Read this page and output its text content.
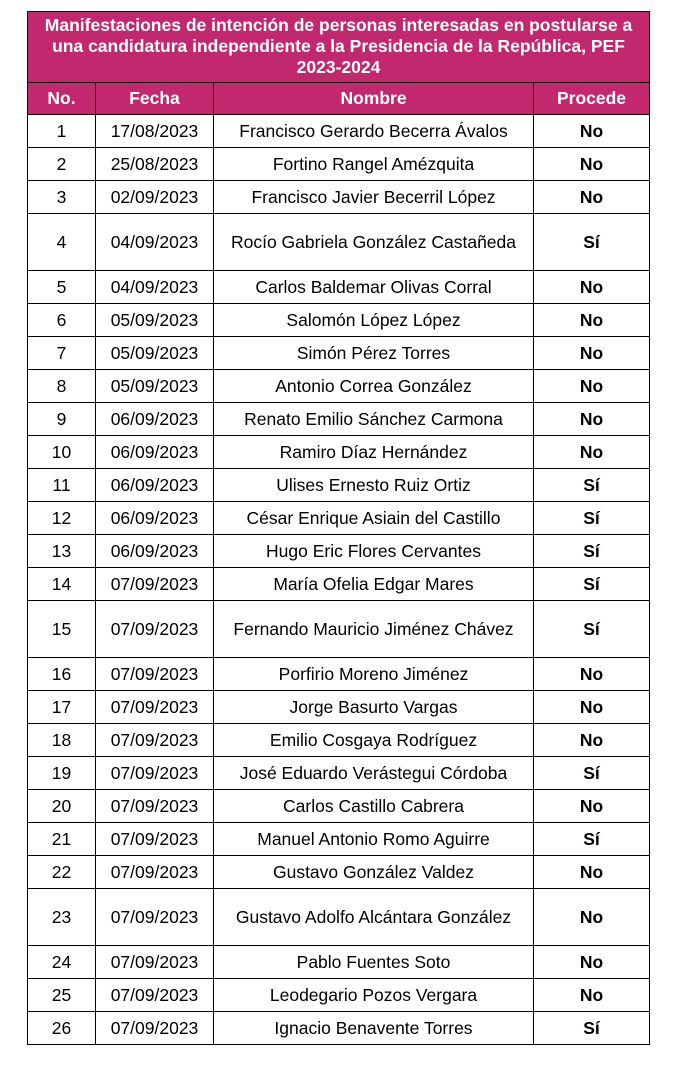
Manifestaciones de intención de personas interesadas en postularse a una candidatura independiente a la Presidencia de la República, PEF 2023-2024			
No.	Fecha	Nombre	Procede
1	17/08/2023	Francisco Gerardo Becerra Ávalos	No
2	25/08/2023	Fortino Rangel Amézquita	No
3	02/09/2023	Francisco Javier Becerril López	No
4	04/09/2023	Rocío Gabriela González Castañeda	Sí
5	04/09/2023	Carlos Baldemar Olivas Corral	No
6	05/09/2023	Salomón López López	No
7	05/09/2023	Simón Pérez Torres	No
8	05/09/2023	Antonio Correa González	No
9	06/09/2023	Renato Emilio Sánchez Carmona	No
10	06/09/2023	Ramiro Díaz Hernández	No
11	06/09/2023	Ulises Ernesto Ruiz Ortiz	Sí
12	06/09/2023	César Enrique Asiain del Castillo	Sí
13	06/09/2023	Hugo Eric Flores Cervantes	Sí
14	07/09/2023	María Ofelia Edgar Mares	Sí
15	07/09/2023	Fernando Mauricio Jiménez Chávez	Sí
16	07/09/2023	Porfirio Moreno Jiménez	No
17	07/09/2023	Jorge Basurto Vargas	No
18	07/09/2023	Emilio Cosgaya Rodríguez	No
19	07/09/2023	José Eduardo Verástegui Córdoba	Sí
20	07/09/2023	Carlos Castillo Cabrera	No
21	07/09/2023	Manuel Antonio Romo Aguirre	Sí
22	07/09/2023	Gustavo González Valdez	No
23	07/09/2023	Gustavo Adolfo Alcántara González	No
24	07/09/2023	Pablo Fuentes Soto	No
25	07/09/2023	Leodegario Pozos Vergara	No
26	07/09/2023	Ignacio Benavente Torres	Sí
